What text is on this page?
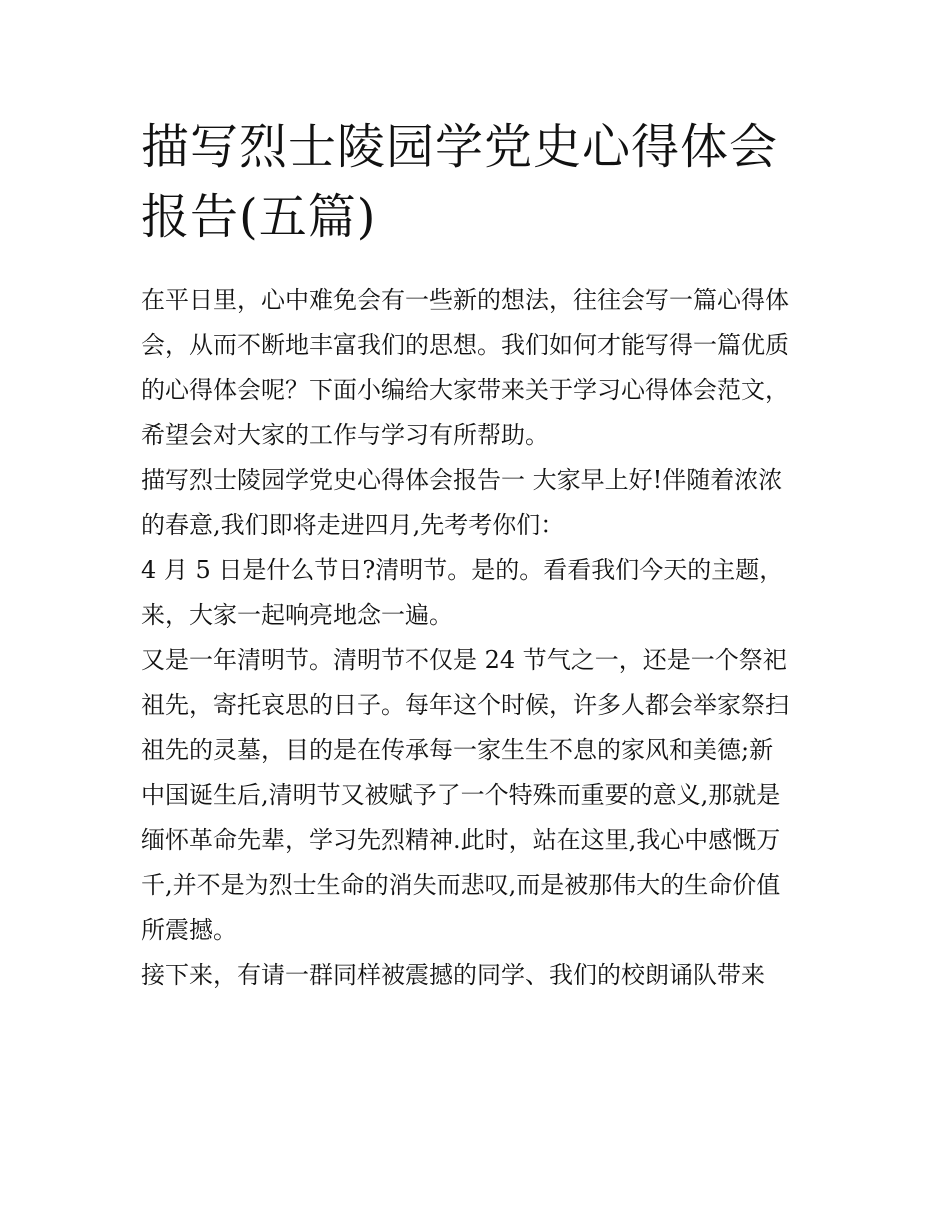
描写烈士陵园学党史心得体会
报告(五篇)

在平日里，心中难免会有一些新的想法，往往会写一篇心得体
会，从而不断地丰富我们的思想。我们如何才能写得一篇优质
的心得体会呢？下面小编给大家带来关于学习心得体会范文，
希望会对大家的工作与学习有所帮助。

描写烈士陵园学党史心得体会报告一 大家早上好!伴随着浓浓
的春意,我们即将走进四月,先考考你们：

4 月 5 日是什么节日?清明节。是的。看看我们今天的主题，
来，大家一起响亮地念一遍。

又是一年清明节。清明节不仅是 24 节气之一，还是一个祭祀
祖先，寄托哀思的日子。每年这个时候，许多人都会举家祭扫
祖先的灵墓，目的是在传承每一家生生不息的家风和美德;新
中国诞生后,清明节又被赋予了一个特殊而重要的意义,那就是
缅怀革命先辈，学习先烈精神.此时，站在这里,我心中感慨万
千,并不是为烈士生命的消失而悲叹,而是被那伟大的生命价值
所震撼。

接下来，有请一群同样被震撼的同学、我们的校朗诵队带来
